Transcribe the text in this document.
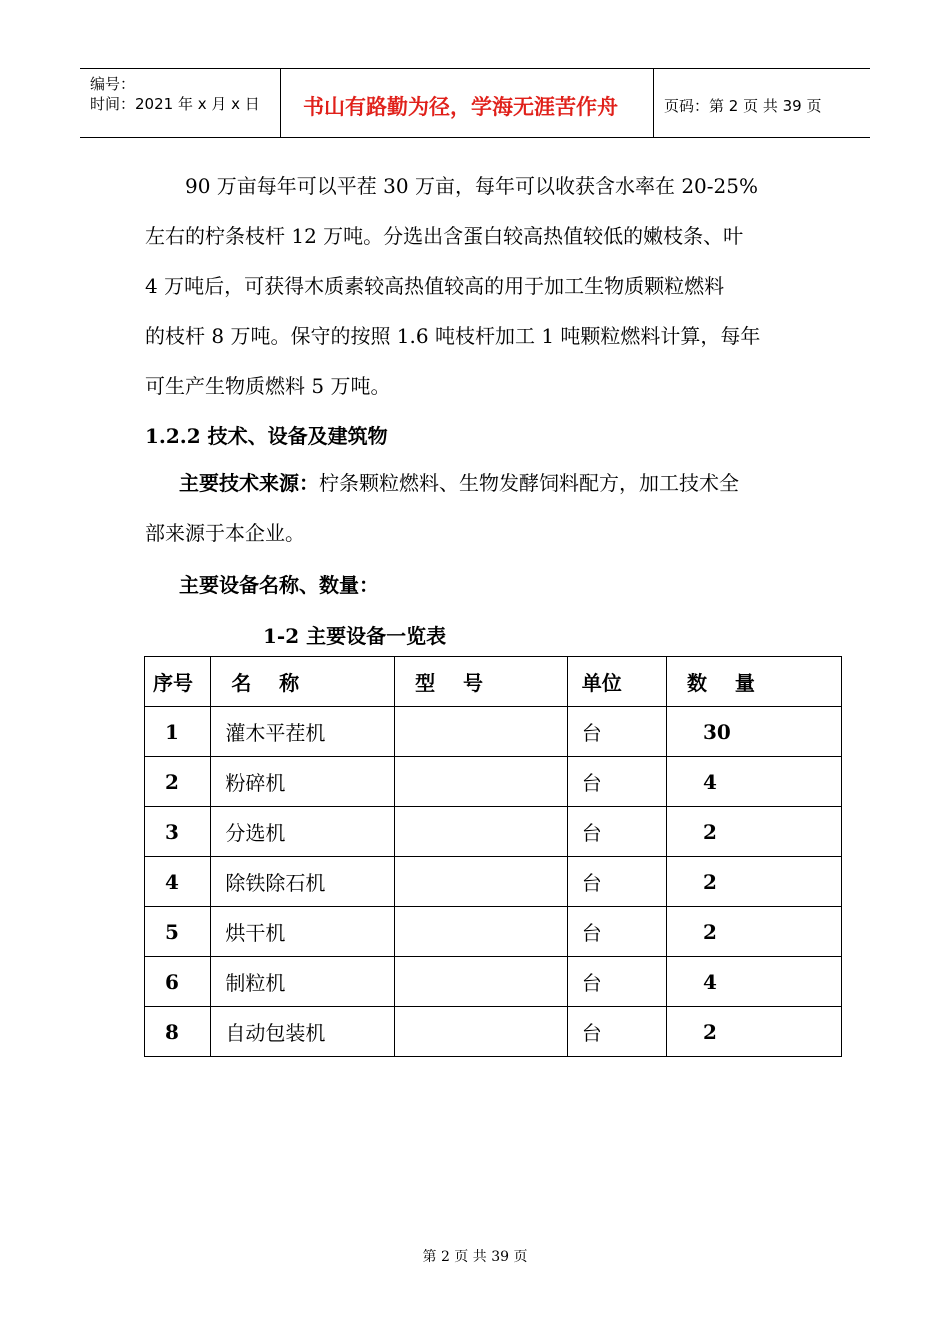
编号：
时间：2021 年 x 月 x 日 书山有路勤为径，学海无涯苦作舟	页码：第 2 页 共 39 页
90 万亩每年可以平茬 30 万亩，每年可以收获含水率在 20-25%
左右的柠条枝杆 12 万吨。分选出含蛋白较高热值较低的嫩枝条、叶
4 万吨后，可获得木质素较高热值较高的用于加工生物质颗粒燃料
的枝杆 8 万吨。保守的按照 1.6 吨枝杆加工 1 吨颗粒燃料计算，每年
可生产生物质燃料 5 万吨。
1.2.2 技术、设备及建筑物
主要技术来源：柠条颗粒燃料、生物发酵饲料配方，加工技术全
部来源于本企业。
主要设备名称、数量：
1-2 主要设备一览表
序号	名    称	型    号	单位	数    量
1	灌木平茬机		台	30
2	粉碎机		台	4
3	分选机		台	2
4	除铁除石机		台	2
5	烘干机		台	2
6	制粒机		台	4
8	自动包装机		台	2
第 2 页 共 39 页
